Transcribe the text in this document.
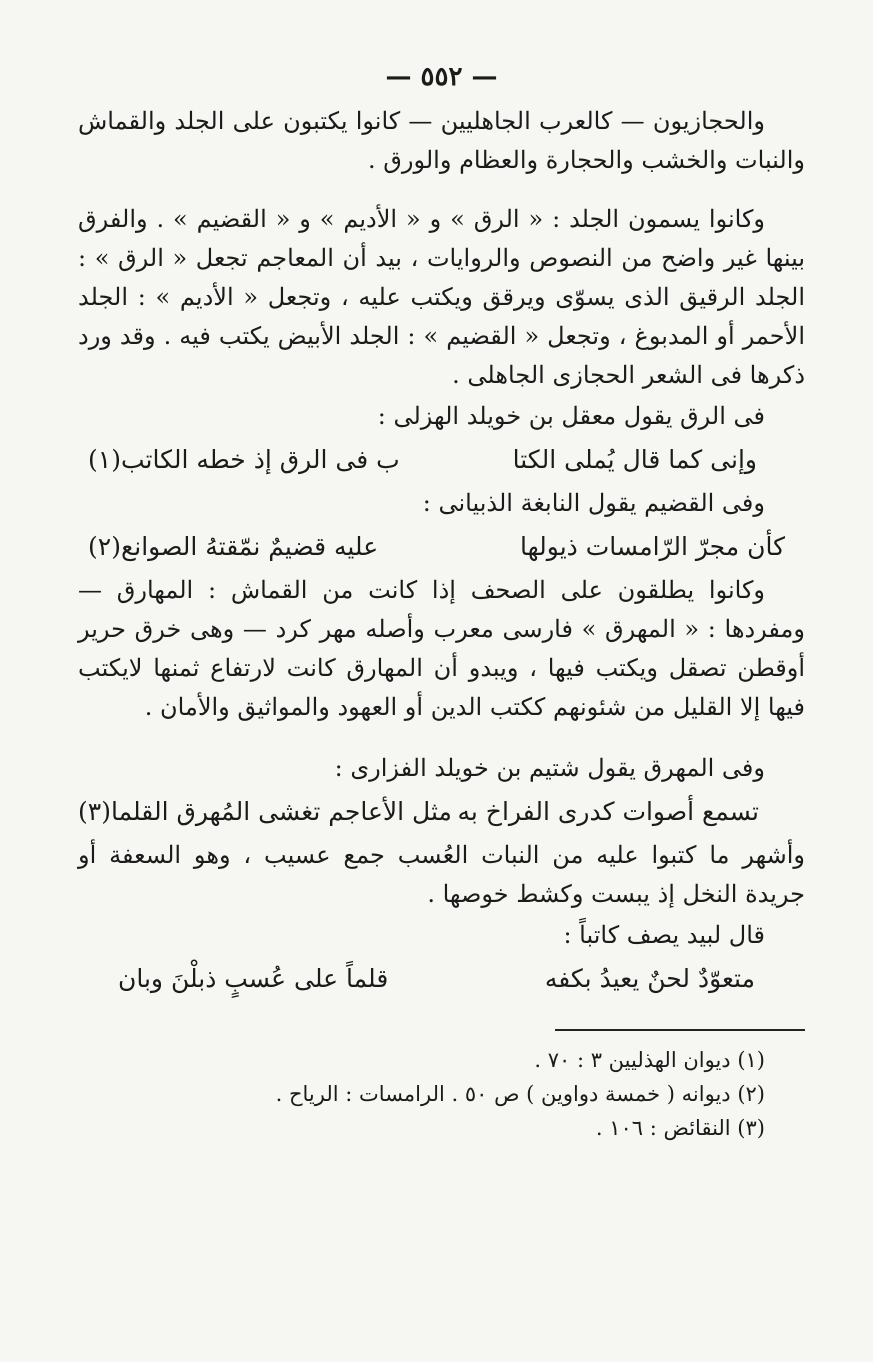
— ٥٥٢ —

والحجازيون — كالعرب الجاهليين — كانوا يكتبون على الجلد والقماش والنبات والخشب والحجارة والعظام والورق .

وكانوا يسمون الجلد : « الرق » و « الأديم » و « القضيم » . والفرق بينها غير واضح من النصوص والروايات ، بيد أن المعاجم تجعل « الرق » : الجلد الرقيق الذى يسوّى ويرقق ويكتب عليه ، وتجعل « الأديم » : الجلد الأحمر أو المدبوغ ، وتجعل « القضيم » : الجلد الأبيض يكتب فيه . وقد ورد ذكرها فى الشعر الحجازى الجاهلى .

فى الرق يقول معقل بن خويلد الهزلى :
وإنى كما قال يُملى الكتا
ب فى الرق إذ خطه الكاتب(١)
وفى القضيم يقول النابغة الذبيانى :
كأن مجرّ الرّامسات ذيولها
عليه قضيمٌ نمّقتهُ الصوانع(٢)

وكانوا يطلقون على الصحف إذا كانت من القماش : المهارق — ومفردها : « المهرق » فارسى معرب وأصله مهر كرد — وهى خرق حرير أوقطن تصقل ويكتب فيها ، ويبدو أن المهارق كانت لارتفاع ثمنها لايكتب فيها إلا القليل من شئونهم ككتب الدين أو العهود والمواثيق والأمان .

وفى المهرق يقول شتيم بن خويلد الفزارى :
تسمع أصوات كدرى الفراخ به
مثل الأعاجم تغشى المُهرق القلما(٣)

وأشهر ما كتبوا عليه من النبات العُسب جمع عسيب ، وهو السعفة أو جريدة النخل إذ يبست وكشط خوصها .

قال لبيد يصف كاتباً :
متعوّدٌ لحنٌ يعيدُ بكفه
قلماً على عُسبٍ ذبلْنَ وبان

(١) ديوان الهذليين ٣ : ٧٠ .

(٢) ديوانه ( خمسة دواوين ) ص ٥٠ . الرامسات : الرياح .

(٣) النقائض : ١٠٦ .
